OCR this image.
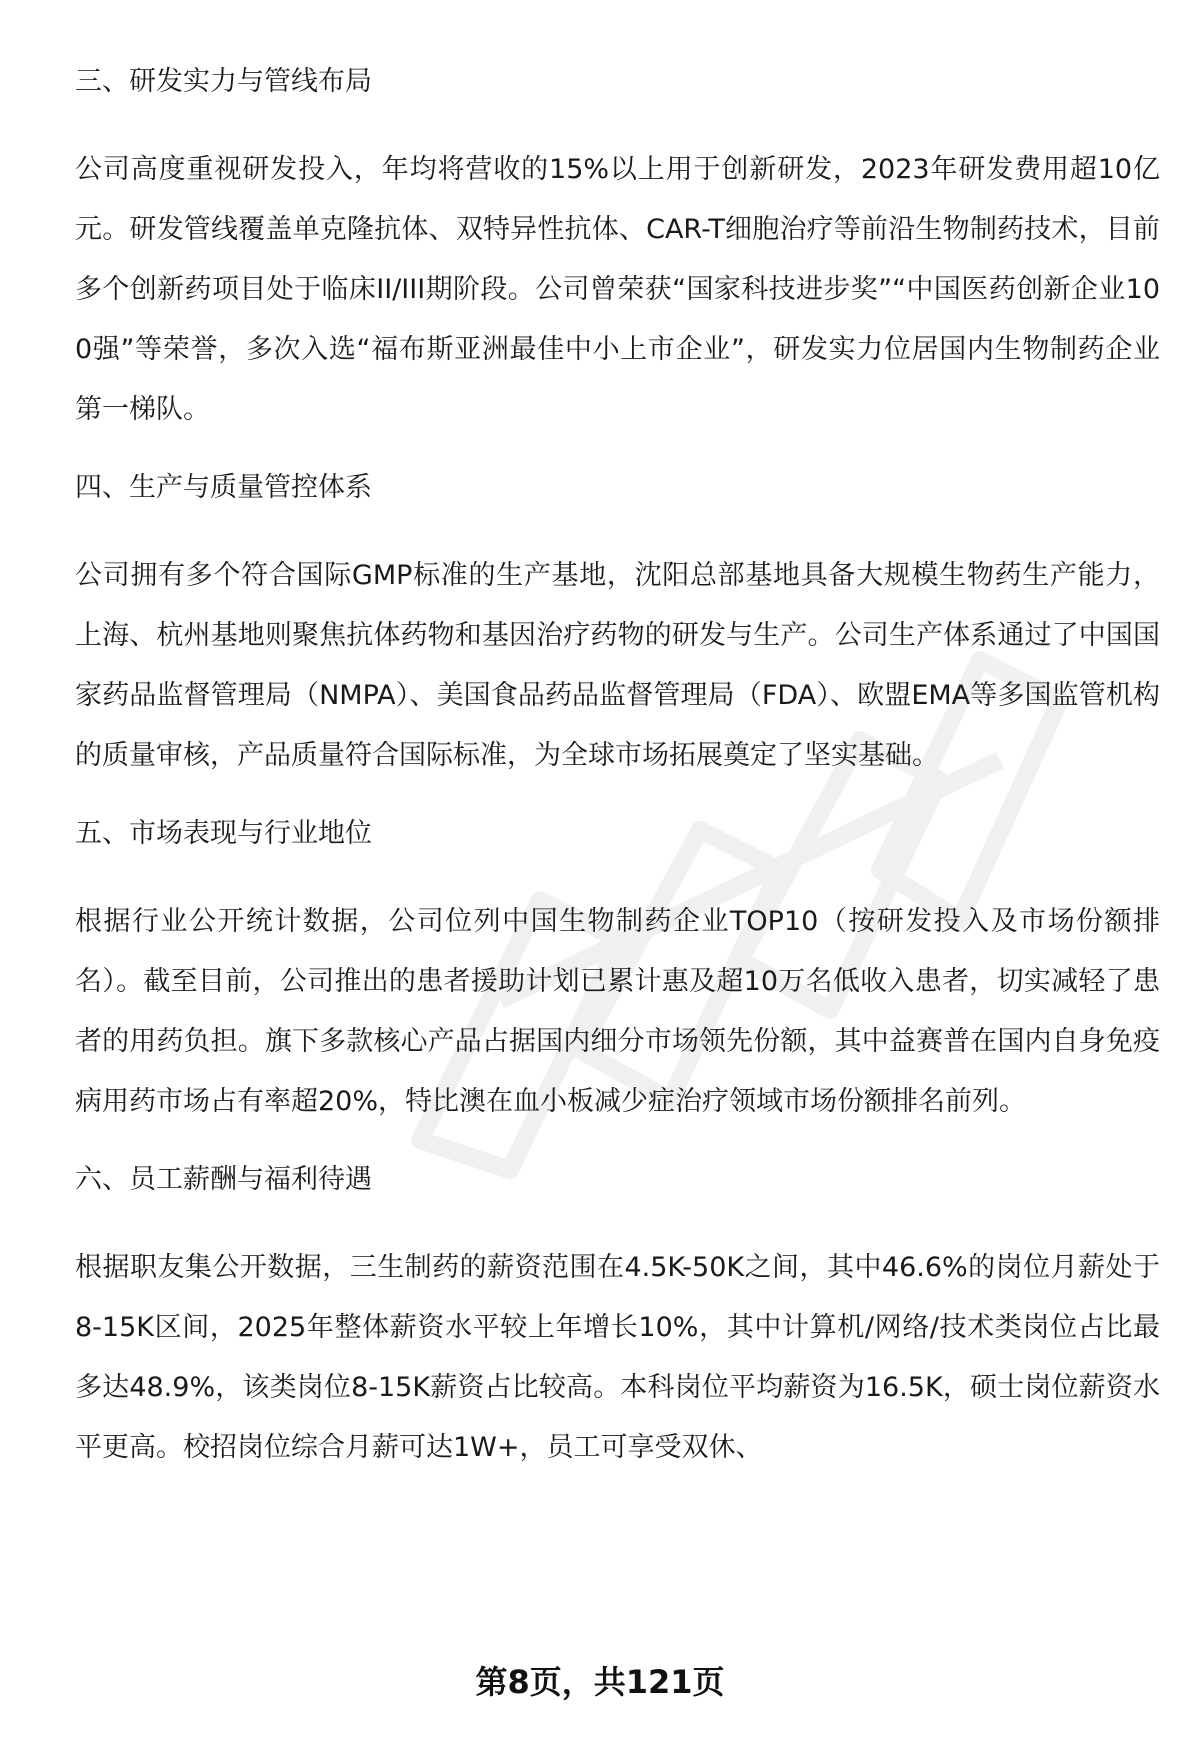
三、研发实力与管线布局

公司高度重视研发投入，年均将营收的15%以上用于创新研发，2023年研发费用超10亿元。研发管线覆盖单克隆抗体、双特异性抗体、CAR-T细胞治疗等前沿生物制药技术，目前多个创新药项目处于临床II/III期阶段。公司曾荣获“国家科技进步奖”“中国医药创新企业100强”等荣誉，多次入选“福布斯亚洲最佳中小上市企业”，研发实力位居国内生物制药企业第一梯队。

四、生产与质量管控体系

公司拥有多个符合国际GMP标准的生产基地，沈阳总部基地具备大规模生物药生产能力，上海、杭州基地则聚焦抗体药物和基因治疗药物的研发与生产。公司生产体系通过了中国国家药品监督管理局（NMPA）、美国食品药品监督管理局（FDA）、欧盟EMA等多国监管机构的质量审核，产品质量符合国际标准，为全球市场拓展奠定了坚实基础。

五、市场表现与行业地位

根据行业公开统计数据，公司位列中国生物制药企业TOP10（按研发投入及市场份额排名）。截至目前，公司推出的患者援助计划已累计惠及超10万名低收入患者，切实减轻了患者的用药负担。旗下多款核心产品占据国内细分市场领先份额，其中益赛普在国内自身免疫病用药市场占有率超20%，特比澳在血小板减少症治疗领域市场份额排名前列。

六、员工薪酬与福利待遇

根据职友集公开数据，三生制药的薪资范围在4.5K-50K之间，其中46.6%的岗位月薪处于8-15K区间，2025年整体薪资水平较上年增长10%，其中计算机/网络/技术类岗位占比最多达48.9%，该类岗位8-15K薪资占比较高。本科岗位平均薪资为16.5K，硕士岗位薪资水平更高。校招岗位综合月薪可达1W+，员工可享受双休、

第8页，共121页
